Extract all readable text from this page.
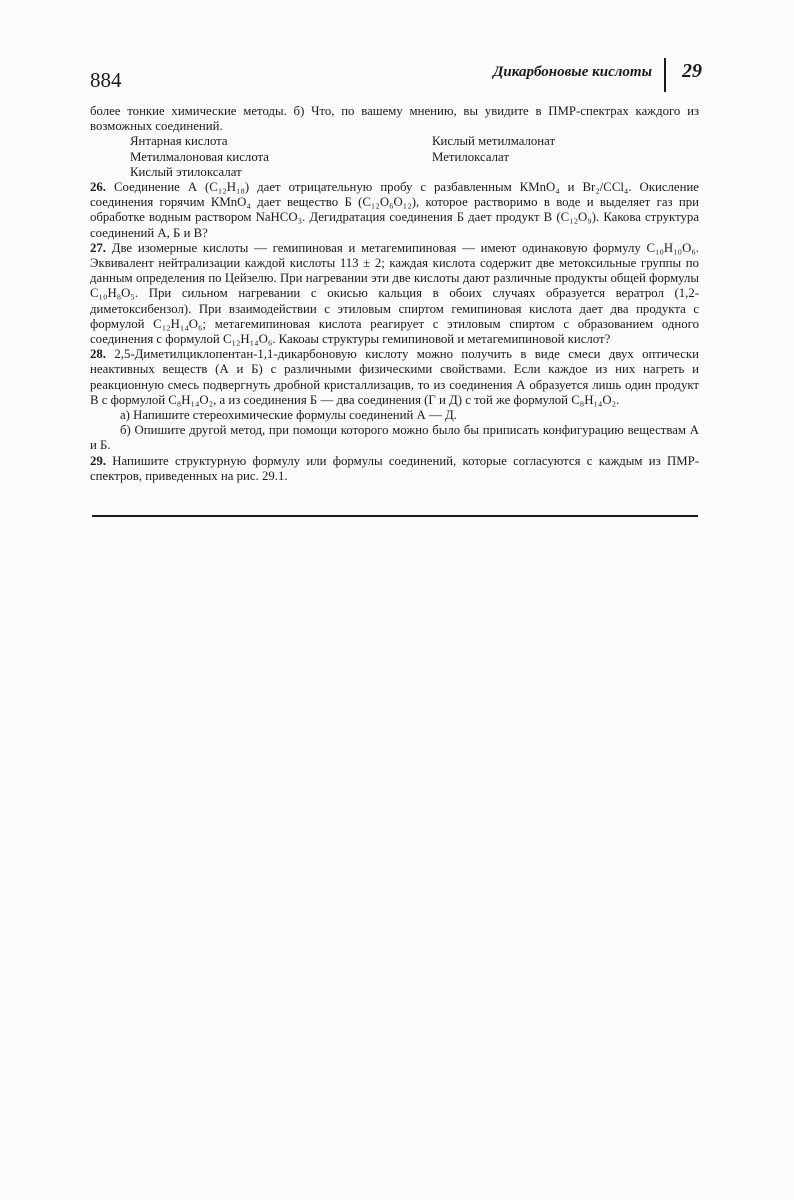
884	Дикарбоновые кислоты 29

более тонкие химические методы. б) Что, по вашему мнению, вы увидите в ПМР-спектрах каждого из возможных соединений.

Янтарная кислота	Кислый метилмалонат
Метилмалоновая кислота	Метилоксалат
Кислый этилоксалат

26. Соединение А (C₁₂H₁₈) дает отрицательную пробу с разбавленным КMnO₄ и Br₂/CCl₄. Окисление соединения горячим КMnO₄ дает вещество Б (C₁₂O₆O₁₂), которое растворимо в воде и выделяет газ при обработке водным раствором NaHCO₃. Дегидратация соединения Б дает продукт В (C₁₂O₉). Какова структура соединений А, Б и В?

27. Две изомерные кислоты — гемипиновая и метагемипиновая — имеют одинаковую формулу C₁₀H₁₀O₆. Эквивалент нейтрализации каждой кислоты 113 ± 2; каждая кислота содержит две метоксильные группы по данным определения по Цейзелю. При нагревании эти две кислоты дают различные продукты общей формулы C₁₀H₈O₅. При сильном нагревании с окисью кальция в обоих случаях образуется вератрол (1,2-диметоксибензол). При взаимодействии с этиловым спиртом гемипиновая кислота дает два продукта с формулой C₁₂H₁₄O₆; метагемипиновая кислота реагирует с этиловым спиртом с образованием одного соединения с формулой C₁₂H₁₄O₆. Какоаы структуры гемипиновой и метагемипиновой кислот?

28. 2,5-Диметилциклопентан-1,1-дикарбоновую кислоту можно получить в виде смеси двух оптически неактивных веществ (А и Б) с различными физическими свойствами. Если каждое из них нагреть и реакционную смесь подвергнуть дробной кристаллизацив, то из соединения А образуется лишь один продукт В с формулой C₈H₁₄O₂, а из соединения Б — два соединения (Г и Д) с той же формулой C₈H₁₄O₂.

а) Напишите стереохимические формулы соединений А — Д.

б) Опишите другой метод, при помощи которого можно было бы приписать конфигурацию веществам А и Б.

29. Напишите структурную формулу или формулы соединений, которые согласуются с каждым из ПМР-спектров, приведенных на рис. 29.1.
